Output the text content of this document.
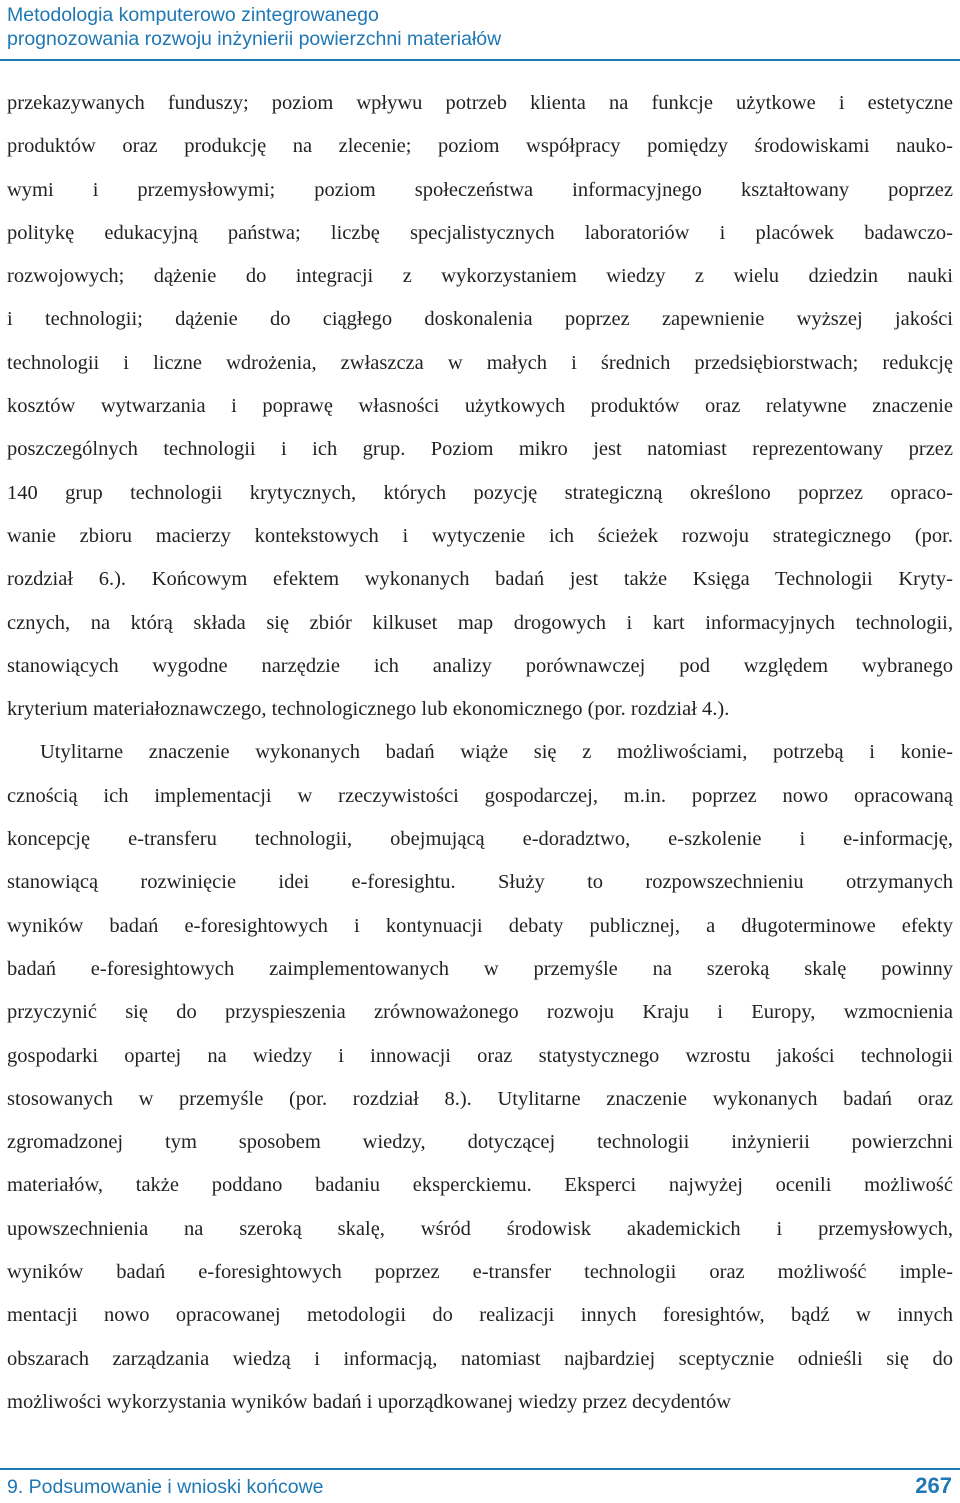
Metodologia komputerowo zintegrowanego
prognozowania rozwoju inżynierii powierzchni materiałów
przekazywanych funduszy; poziom wpływu potrzeb klienta na funkcje użytkowe i estetyczne
produktów oraz produkcję na zlecenie; poziom współpracy pomiędzy środowiskami nauko-
wymi i przemysłowymi; poziom społeczeństwa informacyjnego kształtowany poprzez
politykę edukacyjną państwa; liczbę specjalistycznych laboratoriów i placówek badawczo-
rozwojowych; dążenie do integracji z wykorzystaniem wiedzy z wielu dziedzin nauki
i technologii; dążenie do ciągłego doskonalenia poprzez zapewnienie wyższej jakości
technologii i liczne wdrożenia, zwłaszcza w małych i średnich przedsiębiorstwach; redukcję
kosztów wytwarzania i poprawę własności użytkowych produktów oraz relatywne znaczenie
poszczególnych technologii i ich grup. Poziom mikro jest natomiast reprezentowany przez
140 grup technologii krytycznych, których pozycję strategiczną określono poprzez opraco-
wanie zbioru macierzy kontekstowych i wytyczenie ich ścieżek rozwoju strategicznego (por.
rozdział 6.). Końcowym efektem wykonanych badań jest także Księga Technologii Kryty-
cznych, na którą składa się zbiór kilkuset map drogowych i kart informacyjnych technologii,
stanowiących wygodne narzędzie ich analizy porównawczej pod względem wybranego
kryterium materiałoznawczego, technologicznego lub ekonomicznego (por. rozdział 4.).
Utylitarne znaczenie wykonanych badań wiąże się z możliwościami, potrzebą i konie-
cznością ich implementacji w rzeczywistości gospodarczej, m.in. poprzez nowo opracowaną
koncepcję e-transferu technologii, obejmującą e-doradztwo, e-szkolenie i e-informację,
stanowiącą rozwinięcie idei e-foresightu. Służy to rozpowszechnieniu otrzymanych
wyników badań e-foresightowych i kontynuacji debaty publicznej, a długoterminowe efekty
badań e-foresightowych zaimplementowanych w przemyśle na szeroką skalę powinny
przyczynić się do przyspieszenia zrównoważonego rozwoju Kraju i Europy, wzmocnienia
gospodarki opartej na wiedzy i innowacji oraz statystycznego wzrostu jakości technologii
stosowanych w przemyśle (por. rozdział 8.). Utylitarne znaczenie wykonanych badań oraz
zgromadzonej tym sposobem wiedzy, dotyczącej technologii inżynierii powierzchni
materiałów, także poddano badaniu eksperckiemu. Eksperci najwyżej ocenili możliwość
upowszechnienia na szeroką skalę, wśród środowisk akademickich i przemysłowych,
wyników badań e-foresightowych poprzez e-transfer technologii oraz możliwość imple-
mentacji nowo opracowanej metodologii do realizacji innych foresightów, bądź w innych
obszarach zarządzania wiedzą i informacją, natomiast najbardziej sceptycznie odnieśli się do
możliwości wykorzystania wyników badań i uporządkowanej wiedzy przez decydentów
9. Podsumowanie i wnioski końcowe	267
